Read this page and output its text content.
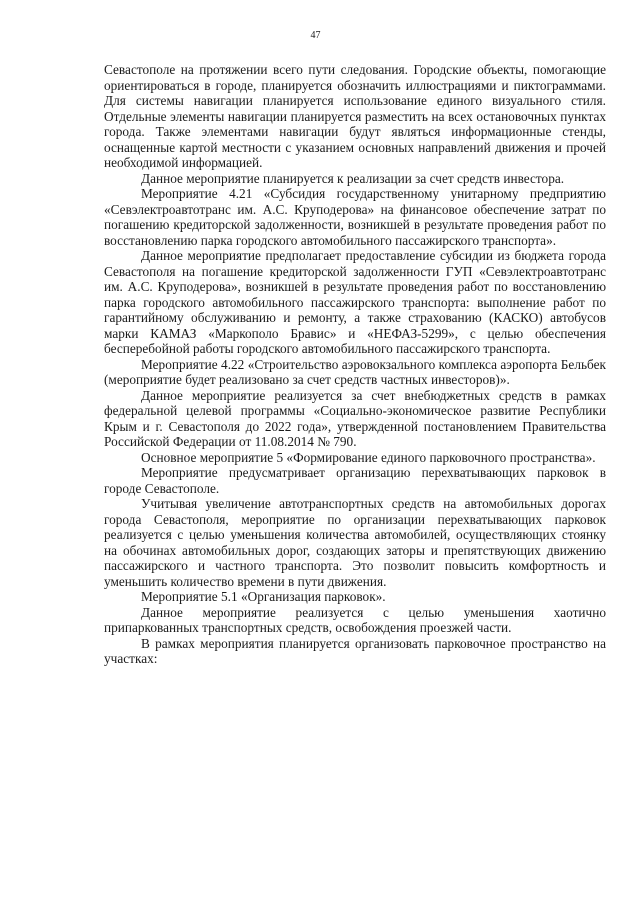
47

Севастополе на протяжении всего пути следования. Городские объекты, помогающие ориентироваться в городе, планируется обозначить иллюстрациями и пиктограммами. Для системы навигации планируется использование единого визуального стиля. Отдельные элементы навигации планируется разместить на всех остановочных пунктах города. Также элементами навигации будут являться информационные стенды, оснащенные картой местности с указанием основных направлений движения и прочей необходимой информацией.

Данное мероприятие планируется к реализации за счет средств инвестора.

Мероприятие 4.21 «Субсидия государственному унитарному предприятию «Севэлектроавтотранс им. А.С. Круподерова» на финансовое обеспечение затрат по погашению кредиторской задолженности, возникшей в результате проведения работ по восстановлению парка городского автомобильного пассажирского транспорта».

Данное мероприятие предполагает предоставление субсидии из бюджета города Севастополя на погашение кредиторской задолженности ГУП «Севэлектроавтотранс им. А.С. Круподерова», возникшей в результате проведения работ по восстановлению парка городского автомобильного пассажирского транспорта: выполнение работ по гарантийному обслуживанию и ремонту, а также страхованию (КАСКО) автобусов марки КАМАЗ «Маркополо Бравис» и «НЕФАЗ-5299», с целью обеспечения бесперебойной работы городского автомобильного пассажирского транспорта.

Мероприятие 4.22 «Строительство аэровокзального комплекса аэропорта Бельбек (мероприятие будет реализовано за счет средств частных инвесторов)».

Данное мероприятие реализуется за счет внебюджетных средств в рамках федеральной целевой программы «Социально-экономическое развитие Республики Крым и г. Севастополя до 2022 года», утвержденной постановлением Правительства Российской Федерации от 11.08.2014 № 790.

Основное мероприятие 5 «Формирование единого парковочного пространства».

Мероприятие предусматривает организацию перехватывающих парковок в городе Севастополе.

Учитывая увеличение автотранспортных средств на автомобильных дорогах города Севастополя, мероприятие по организации перехватывающих парковок реализуется с целью уменьшения количества автомобилей, осуществляющих стоянку на обочинах автомобильных дорог, создающих заторы и препятствующих движению пассажирского и частного транспорта. Это позволит повысить комфортность и уменьшить количество времени в пути движения.

Мероприятие 5.1 «Организация парковок».

Данное мероприятие реализуется с целью уменьшения хаотично припаркованных транспортных средств, освобождения проезжей части.

В рамках мероприятия планируется организовать парковочное пространство на участках:
